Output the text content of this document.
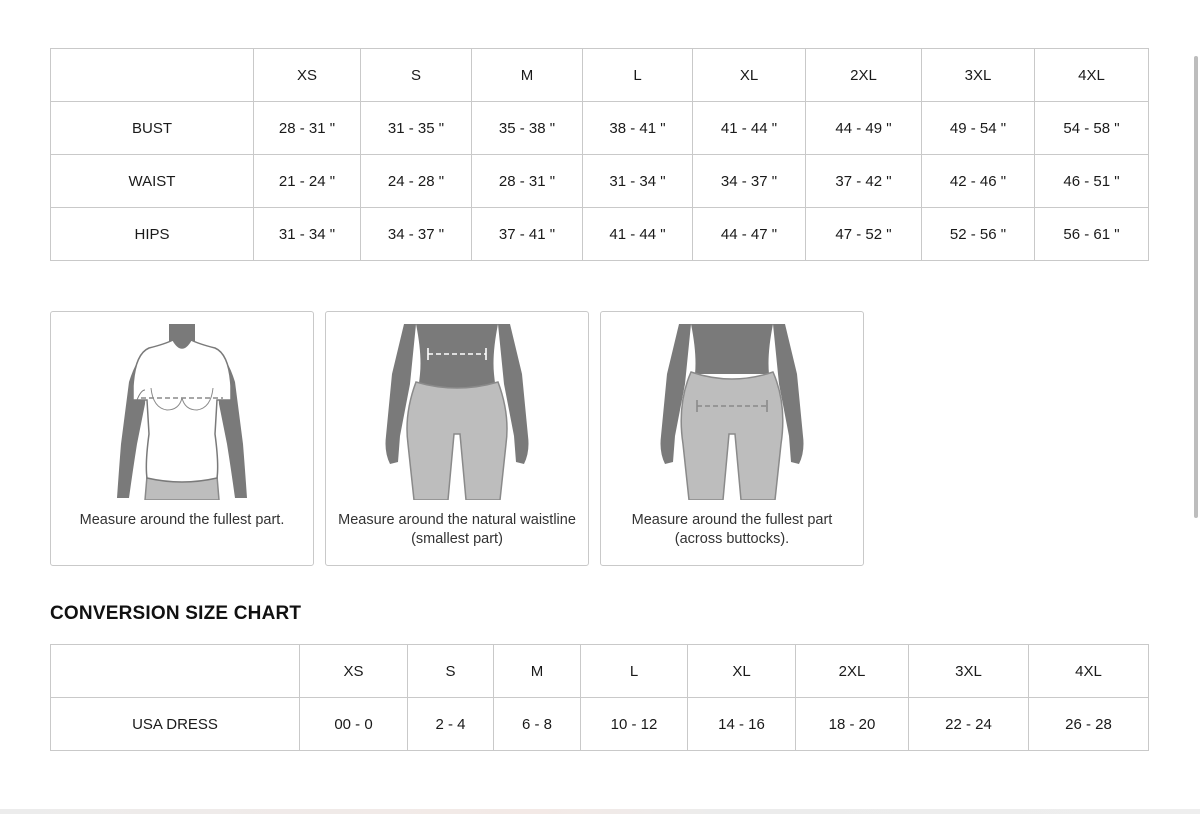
	XS	S	M	L	XL	2XL	3XL	4XL
BUST	28 - 31 "	31 - 35 "	35 - 38 "	38 - 41 "	41 - 44 "	44 - 49 "	49 - 54 "	54 - 58 "
WAIST	21 - 24 "	24 - 28 "	28 - 31 "	31 - 34 "	34 - 37 "	37 - 42 "	42 - 46 "	46 - 51 "
HIPS	31 - 34 "	34 - 37 "	37 - 41 "	41 - 44 "	44 - 47 "	47 - 52 "	52 - 56 "	56 - 61 "
Measure around the fullest part.	Measure around the natural waistline (smallest part)
Measure around the fullest part (across buttocks).
CONVERSION SIZE CHART
	XS	S	M	L	XL	2XL	3XL	4XL
USA DRESS	00 - 0	2 - 4	6 - 8	10 - 12	14 - 16	18 - 20	22 - 24	26 - 28
